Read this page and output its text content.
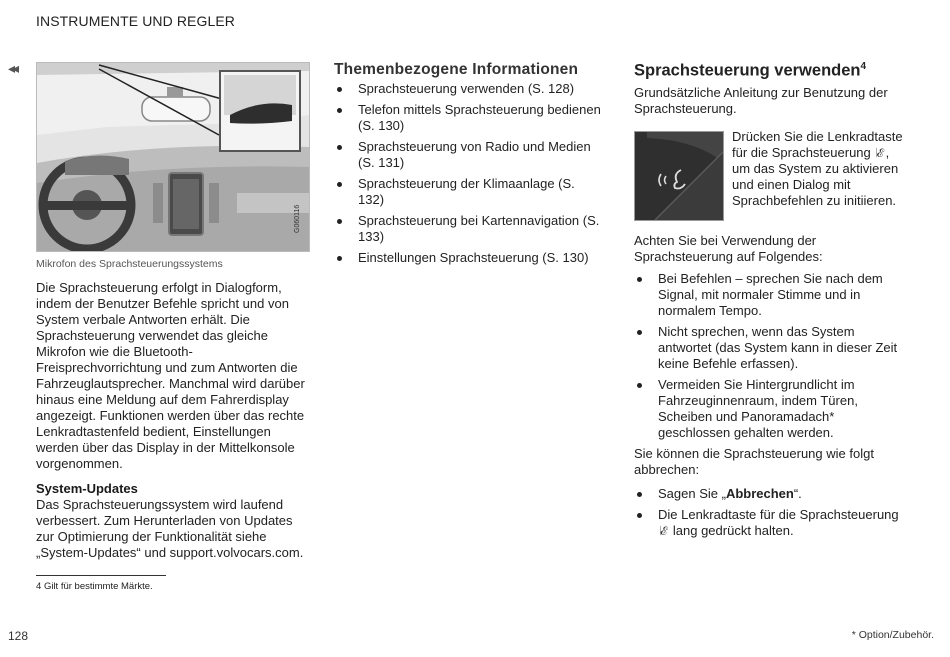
INSTRUMENTE UND REGLER
◂◂
G060116
Mikrofon des Sprachsteuerungssystems
Die Sprachsteuerung erfolgt in Dialogform, indem der Benutzer Befehle spricht und von System verbale Antworten erhält. Die Sprachsteuerung verwendet das gleiche Mikrofon wie die Bluetooth-Freisprechvorrichtung und zum Antworten die Fahrzeuglautsprecher. Manchmal wird darüber hinaus eine Meldung auf dem Fahrerdisplay angezeigt. Funktionen werden über das rechte Lenkradtastenfeld bedient, Einstellungen werden über das Display in der Mittelkonsole vorgenommen.
System-Updates
Das Sprachsteuerungssystem wird laufend verbessert. Zum Herunterladen von Updates zur Optimierung der Funktionalität siehe „System-Updates“ und support.volvocars.com.
Themenbezogene Informationen
Sprachsteuerung verwenden (S. 128)
Telefon mittels Sprachsteuerung bedienen (S. 130)
Sprachsteuerung von Radio und Medien (S. 131)
Sprachsteuerung der Klimaanlage (S. 132)
Sprachsteuerung bei Kartennavigation (S. 133)
Einstellungen Sprachsteuerung (S. 130)
Sprachsteuerung verwenden$^4$
Grundsätzliche Anleitung zur Benutzung der Sprachsteuerung.
Drücken Sie die Lenkradtaste für die Sprachsteuerung 𝄀ℰ , um das System zu aktivieren und einen Dialog mit Sprachbefehlen zu initiieren.
Achten Sie bei Verwendung der Sprachsteuerung auf Folgendes:
Bei Befehlen – sprechen Sie nach dem Signal, mit normaler Stimme und in normalem Tempo.
Nicht sprechen, wenn das System antwortet (das System kann in dieser Zeit keine Befehle erfassen).
Vermeiden Sie Hintergrundlicht im Fahrzeuginnenraum, indem Türen, Scheiben und Panoramadach* geschlossen gehalten werden.
Sie können die Sprachsteuerung wie folgt abbrechen:
Sagen Sie „Abbrechen“.
Die Lenkradtaste für die Sprachsteuerung
𝄀ℰ lang gedrückt halten.
4 Gilt für bestimmte Märkte.
128	* Option/Zubehör.
